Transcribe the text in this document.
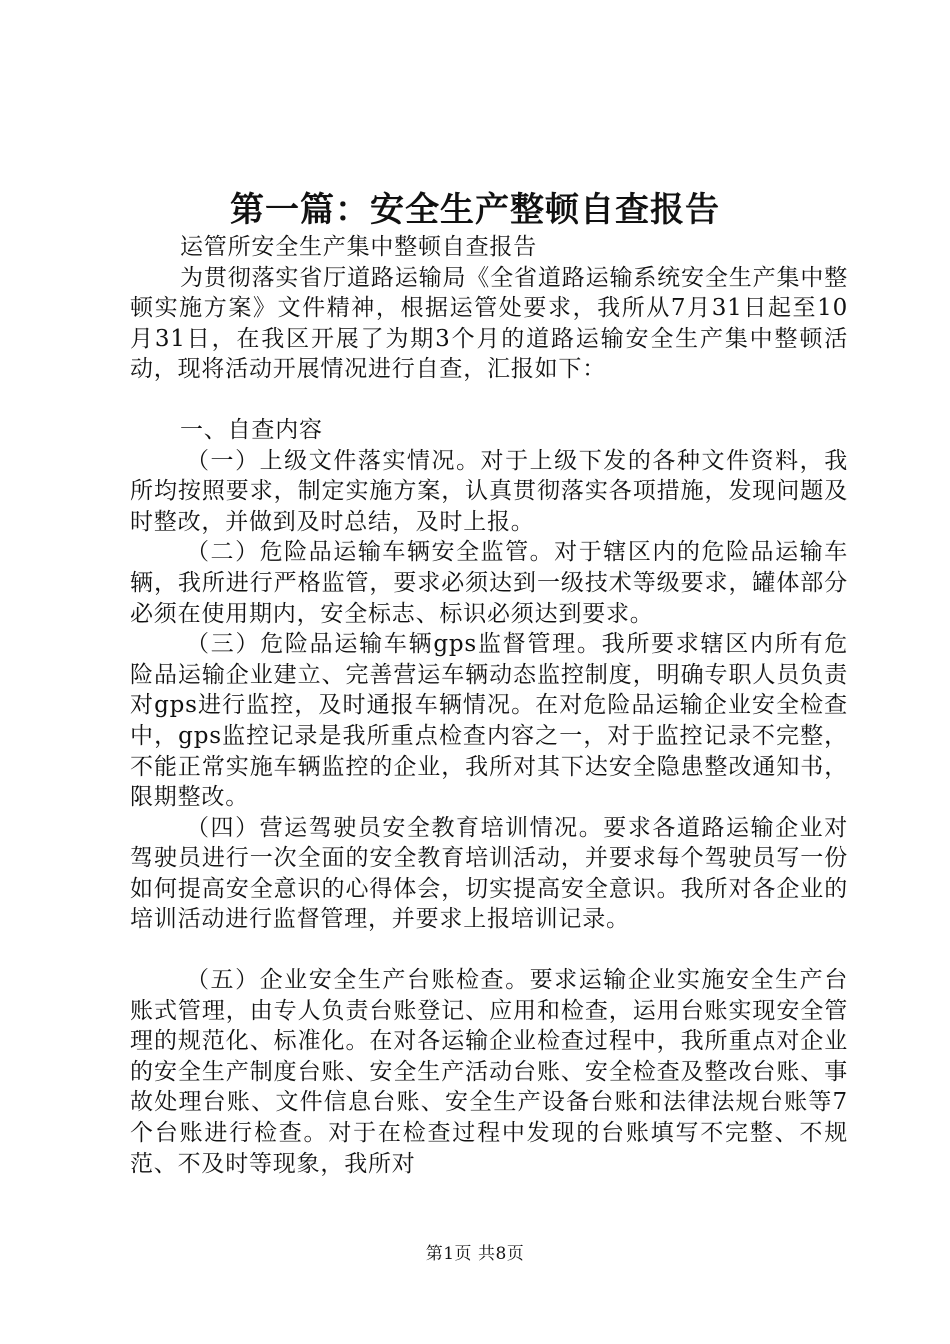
第一篇：安全生产整顿自查报告

运管所安全生产集中整顿自查报告

为贯彻落实省厅道路运输局《全省道路运输系统安全生产集中整顿实施方案》文件精神，根据运管处要求，我所从7月31日起至10月31日，在我区开展了为期3个月的道路运输安全生产集中整顿活动，现将活动开展情况进行自查，汇报如下：

一、自查内容

（一）上级文件落实情况。对于上级下发的各种文件资料，我所均按照要求，制定实施方案，认真贯彻落实各项措施，发现问题及时整改，并做到及时总结，及时上报。

（二）危险品运输车辆安全监管。对于辖区内的危险品运输车辆，我所进行严格监管，要求必须达到一级技术等级要求，罐体部分必须在使用期内，安全标志、标识必须达到要求。

（三）危险品运输车辆gps监督管理。我所要求辖区内所有危险品运输企业建立、完善营运车辆动态监控制度，明确专职人员负责对gps进行监控，及时通报车辆情况。在对危险品运输企业安全检查中，gps监控记录是我所重点检查内容之一，对于监控记录不完整，不能正常实施车辆监控的企业，我所对其下达安全隐患整改通知书，限期整改。

（四）营运驾驶员安全教育培训情况。要求各道路运输企业对驾驶员进行一次全面的安全教育培训活动，并要求每个驾驶员写一份如何提高安全意识的心得体会，切实提高安全意识。我所对各企业的培训活动进行监督管理，并要求上报培训记录。

（五）企业安全生产台账检查。要求运输企业实施安全生产台账式管理，由专人负责台账登记、应用和检查，运用台账实现安全管理的规范化、标准化。在对各运输企业检查过程中，我所重点对企业的安全生产制度台账、安全生产活动台账、安全检查及整改台账、事故处理台账、文件信息台账、安全生产设备台账和法律法规台账等7个台账进行检查。对于在检查过程中发现的台账填写不完整、不规范、不及时等现象，我所对

第1页 共8页
